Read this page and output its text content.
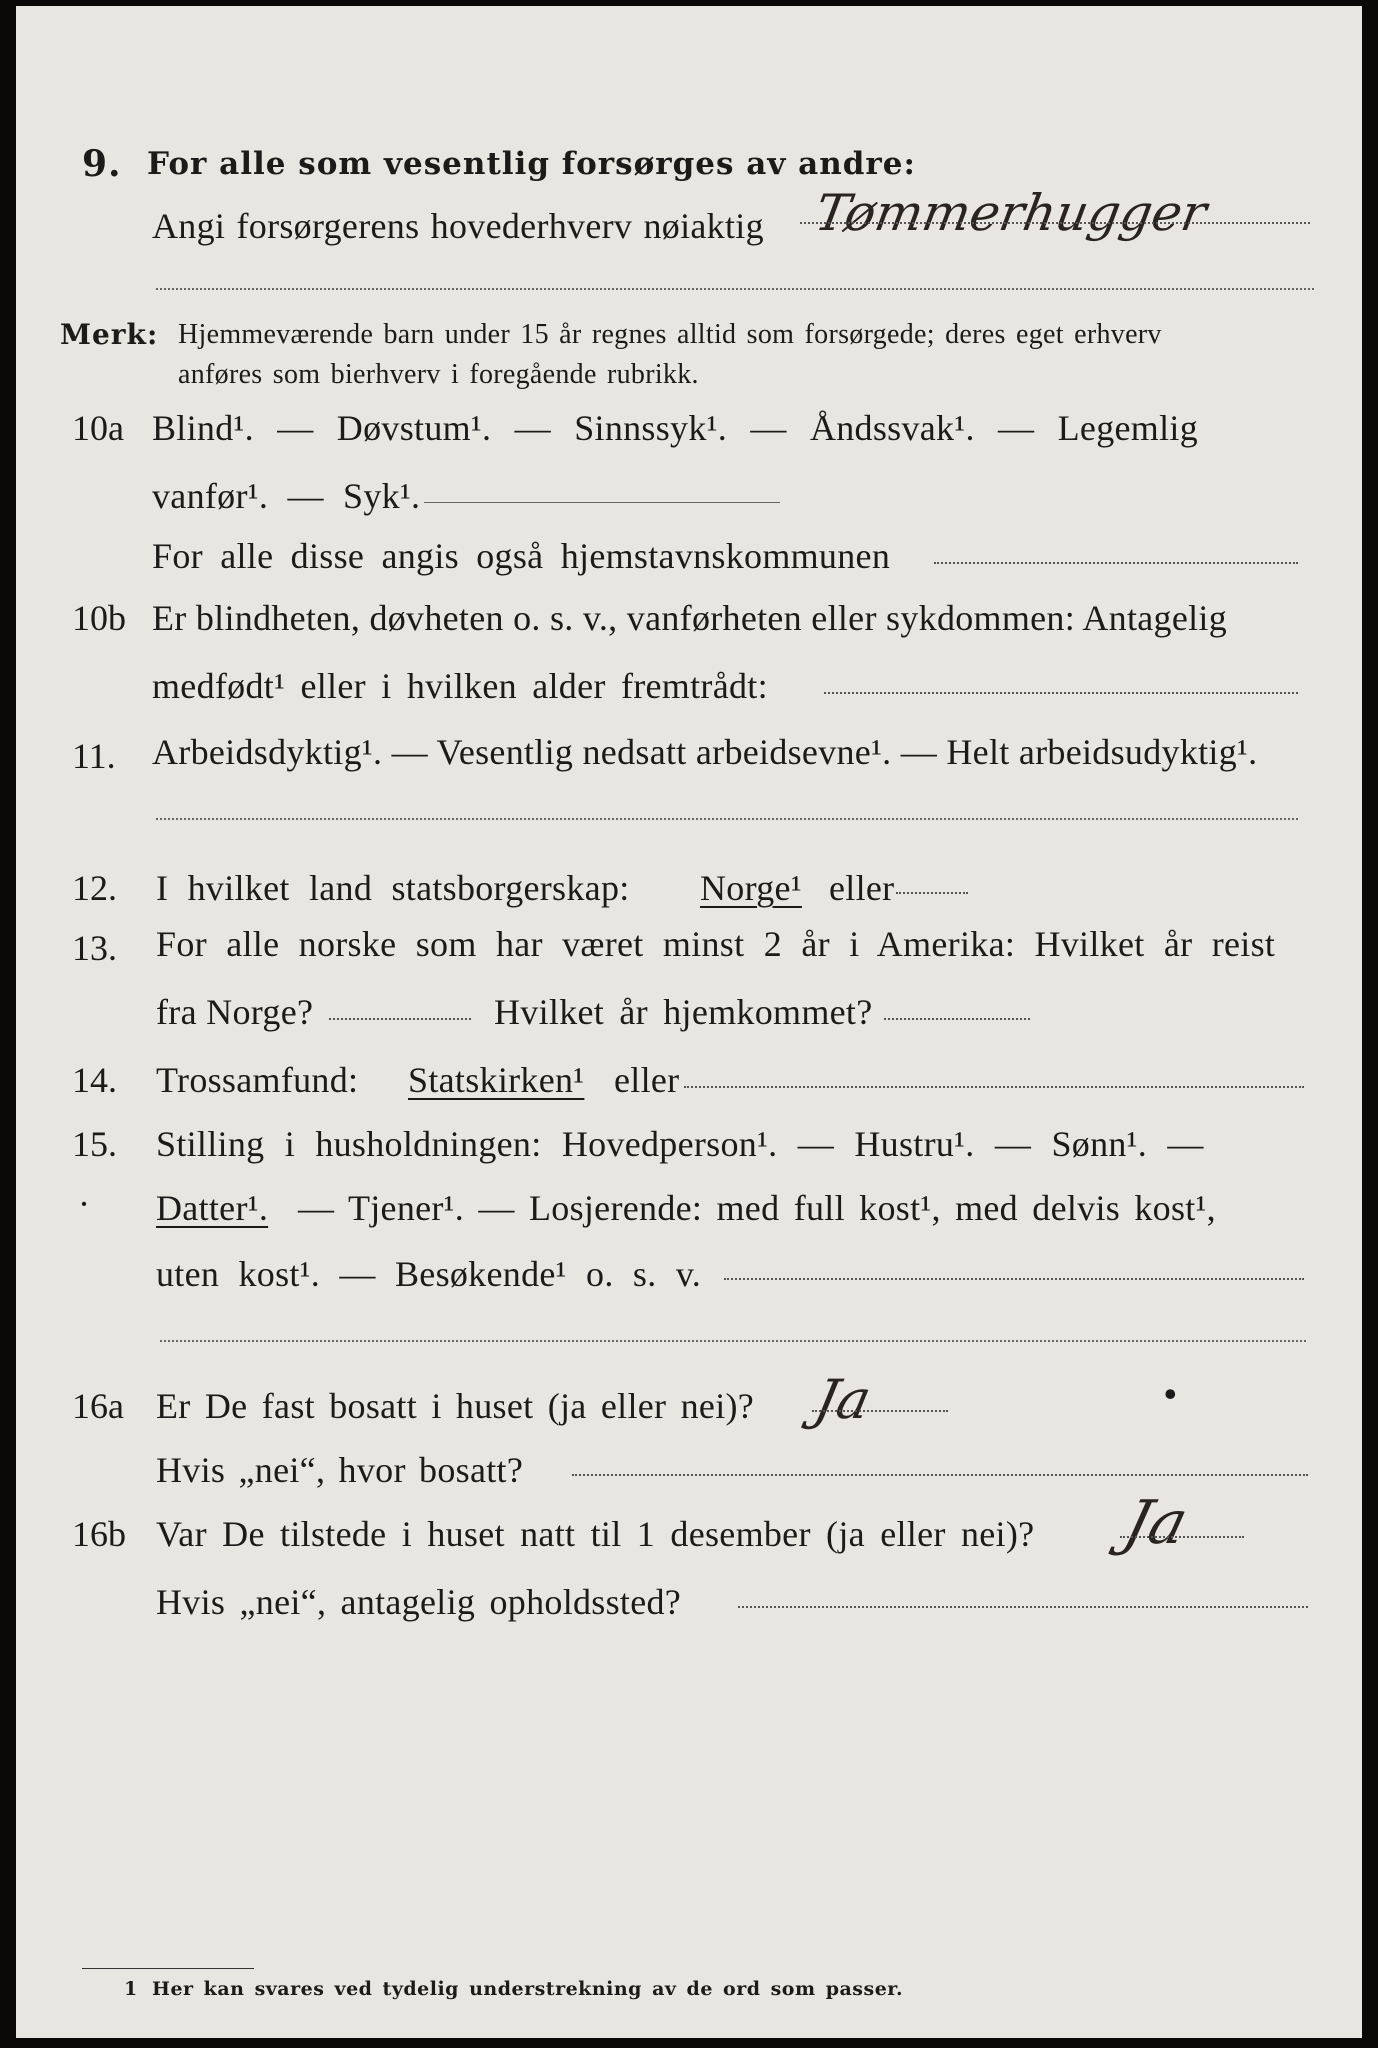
9. For alle som vesentlig forsørges av andre:
Angi forsørgerens hovederhverv nøiaktig Tømmerhugger
Merk: Hjemmeværende barn under 15 år regnes alltid som forsørgede; deres eget erhverv
anføres som bierhverv i foregående rubrikk.
10a Blind¹. — Døvstum¹. — Sinnssyk¹. — Åndssvak¹. — Legemlig
vanfør¹. — Syk¹.
For alle disse angis også hjemstavnskommunen
10b Er blindheten, døvheten o. s. v., vanførheten eller sykdommen: Antagelig
medfødt¹ eller i hvilken alder fremtrådt:
11. Arbeidsdyktig¹. — Vesentlig nedsatt arbeidsevne¹. — Helt arbeidsudyktig¹.
12. I hvilket land statsborgerskap: Norge¹ eller
13. For alle norske som har været minst 2 år i Amerika: Hvilket år reist
fra Norge?	Hvilket år hjemkommet?
14. Trossamfund: Statskirken¹ eller
15. Stilling i husholdningen: Hovedperson¹. — Hustru¹. — Sønn¹. —
· Datter¹. — Tjener¹. — Losjerende: med full kost¹, med delvis kost¹,
uten kost¹. — Besøkende¹ o. s. v.
16a Er De fast bosatt i huset (ja eller nei)? Ja	•
Hvis „nei“, hvor bosatt?
16b Var De tilstede i huset natt til 1 desember (ja eller nei)? Ja
Hvis „nei“, antagelig opholdssted?
1 Her kan svares ved tydelig understrekning av de ord som passer.
